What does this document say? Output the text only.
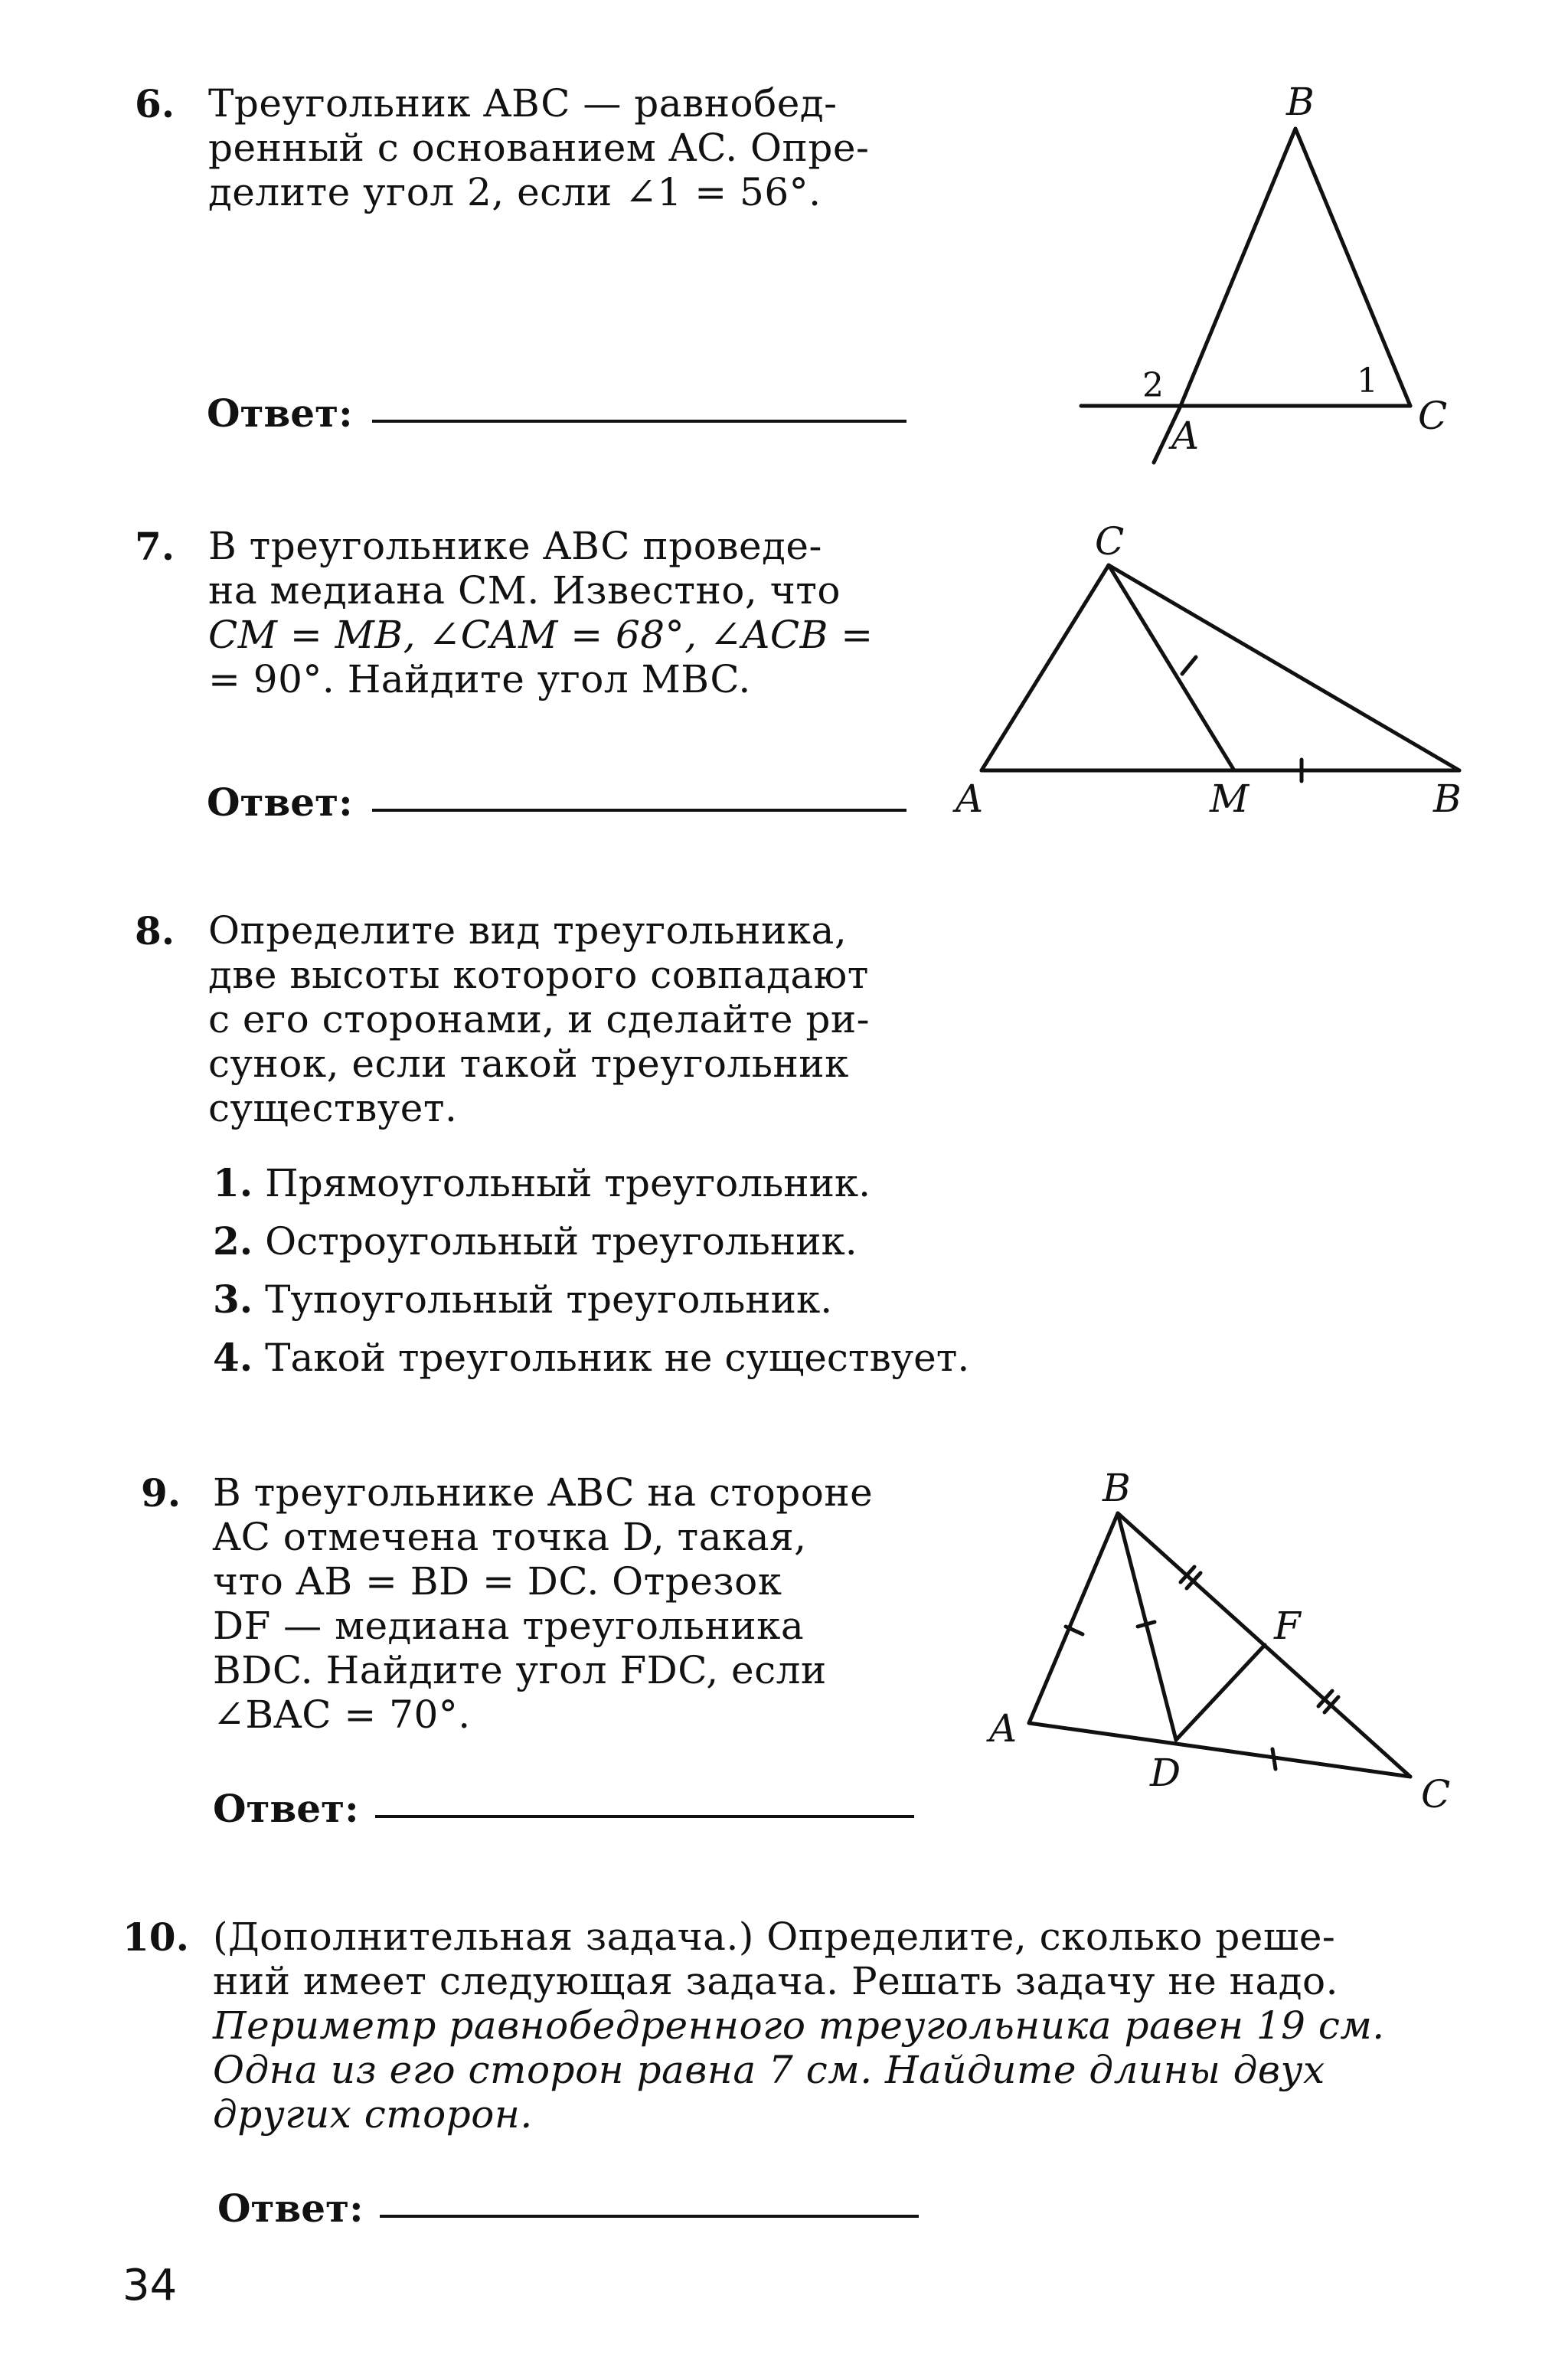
6. Треугольник ABC — равнобед-
ренный с основанием AC. Опре-
делите угол 2, если ∠1 = 56°.
Ответ:
B
A	C
1
2
7. В треугольнике ABC проведе-
на медиана CM. Известно, что
CM = MB, ∠CAM = 68°, ∠ACB =
= 90°. Найдите угол MBC.
Ответ:
C
A	M	B
8. Определите вид треугольника,
две высоты которого совпадают
с его сторонами, и сделайте ри-
сунок, если такой треугольник
существует.
1. Прямоугольный треугольник.
2. Остроугольный треугольник.
3. Тупоугольный треугольник.
4. Такой треугольник не существует.
9. В треугольнике ABC на стороне
AC отмечена точка D, такая,
что AB = BD = DC. Отрезок
DF — медиана треугольника
BDC. Найдите угол FDC, если
∠BAC = 70°.
Ответ:
B
F
A
D	C
10. (Дополнительная задача.) Определите, сколько реше-
ний имеет следующая задача. Решать задачу не надо.
Периметр равнобедренного треугольника равен 19 см.
Одна из его сторон равна 7 см. Найдите длины двух
других сторон.
Ответ:
34
